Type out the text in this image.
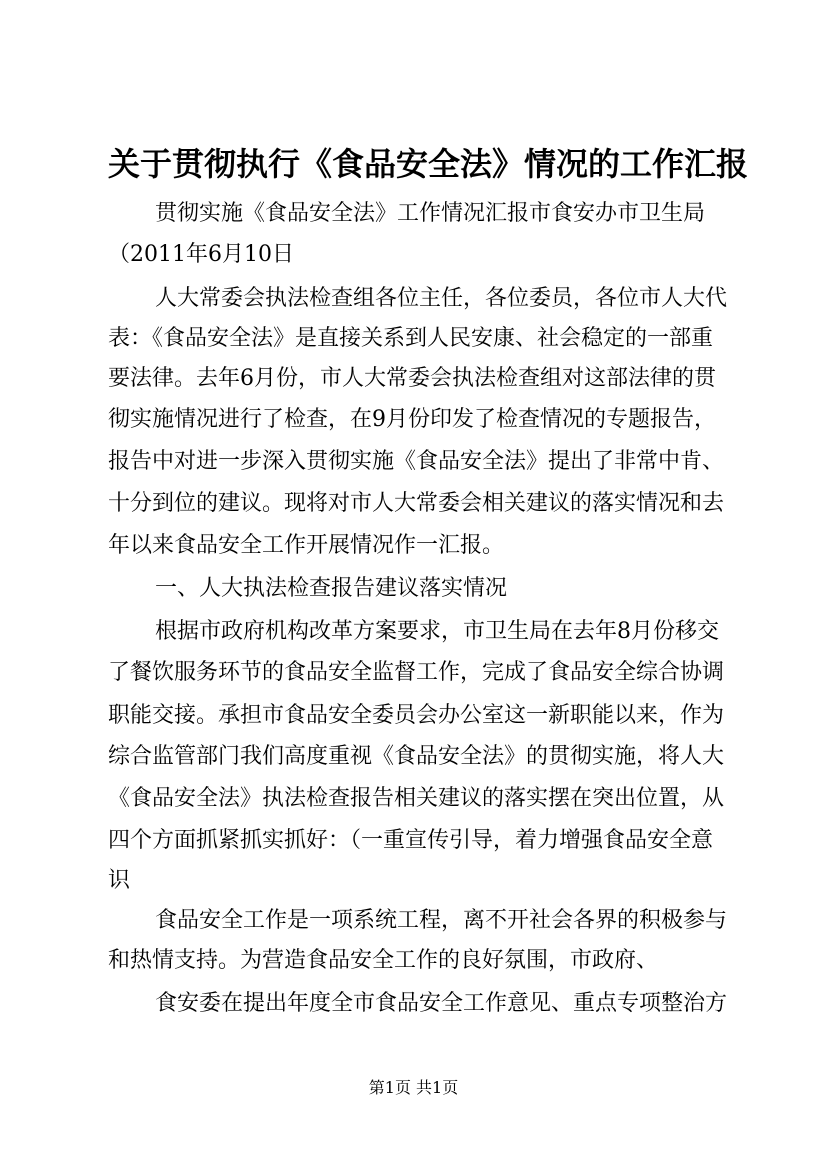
关于贯彻执行《食品安全法》情况的工作汇报
贯彻实施《食品安全法》工作情况汇报市食安办市卫生局
（2011年6月10日
人大常委会执法检查组各位主任，各位委员，各位市人大代
表：《食品安全法》是直接关系到人民安康、社会稳定的一部重
要法律。去年6月份，市人大常委会执法检查组对这部法律的贯
彻实施情况进行了检查，在9月份印发了检查情况的专题报告，
报告中对进一步深入贯彻实施《食品安全法》提出了非常中肯、
十分到位的建议。现将对市人大常委会相关建议的落实情况和去
年以来食品安全工作开展情况作一汇报。
一、人大执法检查报告建议落实情况
根据市政府机构改革方案要求，市卫生局在去年8月份移交
了餐饮服务环节的食品安全监督工作，完成了食品安全综合协调
职能交接。承担市食品安全委员会办公室这一新职能以来，作为
综合监管部门我们高度重视《食品安全法》的贯彻实施，将人大
《食品安全法》执法检查报告相关建议的落实摆在突出位置，从
四个方面抓紧抓实抓好：（一重宣传引导，着力增强食品安全意
识
食品安全工作是一项系统工程，离不开社会各界的积极参与
和热情支持。为营造食品安全工作的良好氛围，市政府、
食安委在提出年度全市食品安全工作意见、重点专项整治方
第1页 共1页
